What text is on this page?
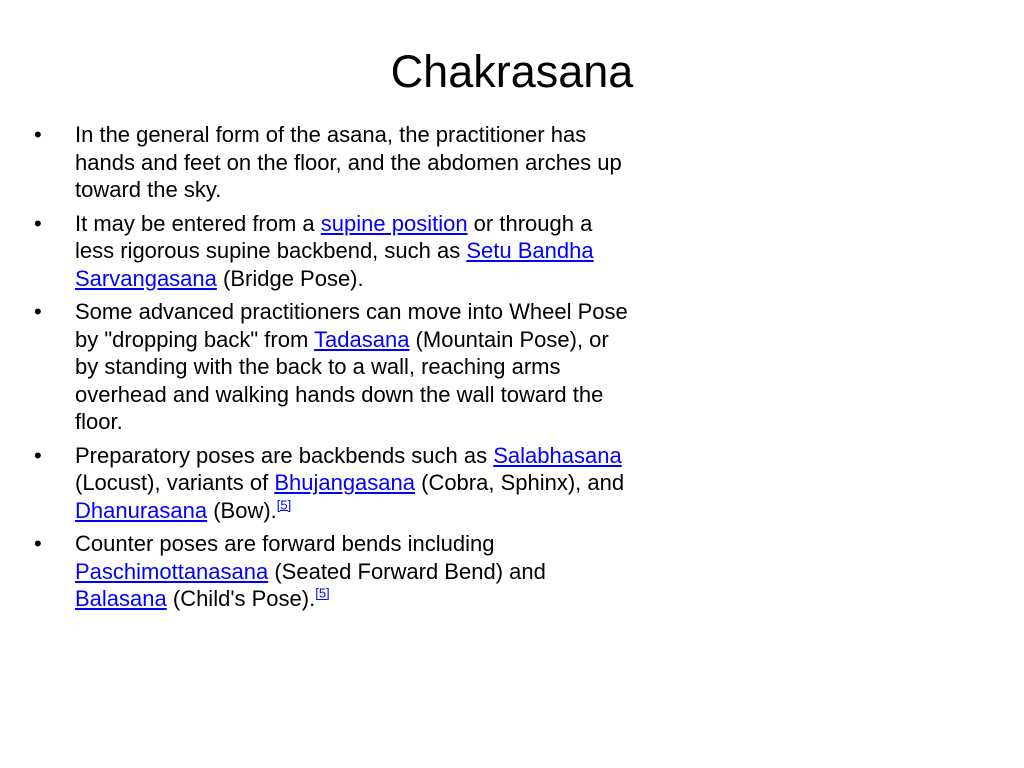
Chakrasana
•	In the general form of the asana, the practitioner has hands and feet on the floor, and the abdomen arches up toward the sky.
•	It may be entered from a supine position or through a less rigorous supine backbend, such as Setu Bandha Sarvangasana (Bridge Pose).
•	Some advanced practitioners can move into Wheel Pose by "dropping back" from Tadasana (Mountain Pose), or by standing with the back to a wall, reaching arms overhead and walking hands down the wall toward the floor.
•	Preparatory poses are backbends such as Salabhasana (Locust), variants of Bhujangasana (Cobra, Sphinx), and Dhanurasana (Bow).[5]
•	Counter poses are forward bends including Paschimottanasana (Seated Forward Bend) and Balasana (Child's Pose).[5]
